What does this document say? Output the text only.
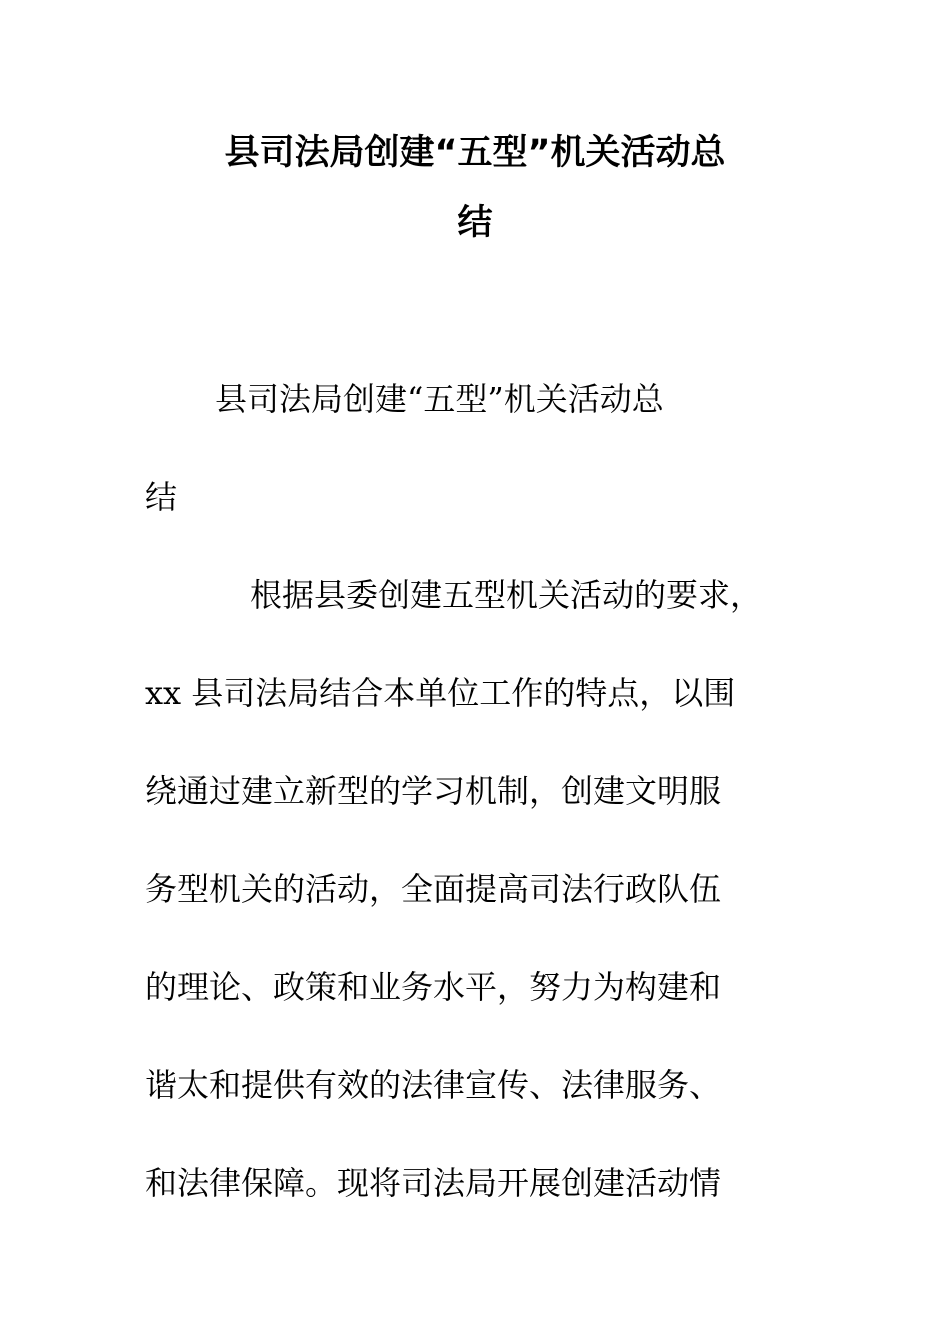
县司法局创建“五型”机关活动总
结
县司法局创建“五型”机关活动总
结
根据县委创建五型机关活动的要求，
xx 县司法局结合本单位工作的特点，以围
绕通过建立新型的学习机制，创建文明服
务型机关的活动，全面提高司法行政队伍
的理论、政策和业务水平，努力为构建和
谐太和提供有效的法律宣传、法律服务、
和法律保障。现将司法局开展创建活动情
